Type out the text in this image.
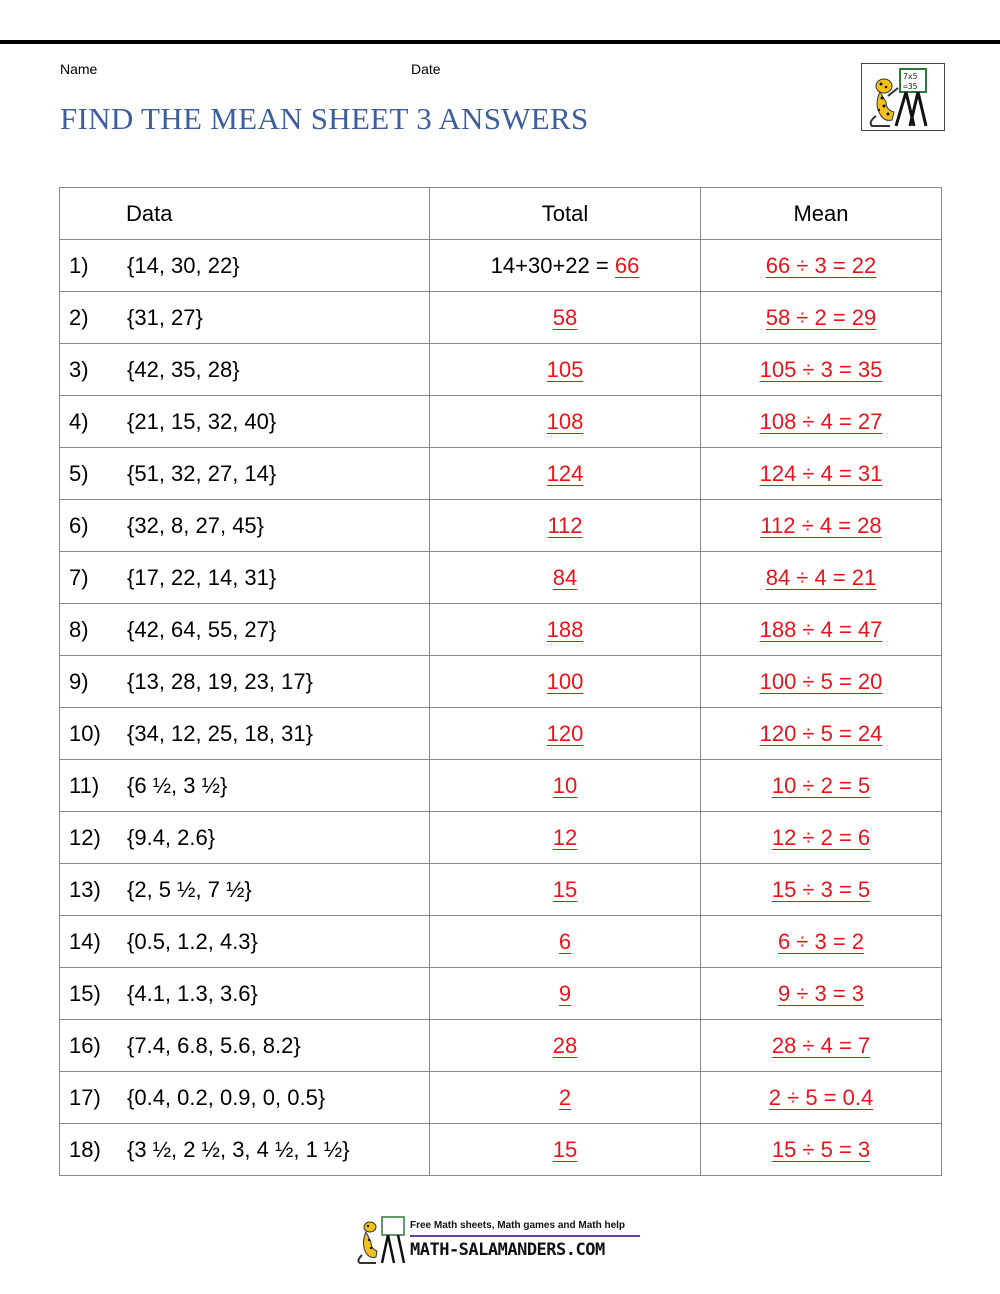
Name	Date
FIND THE MEAN SHEET 3 ANSWERS
7x5
=35
Data	Total	Mean
1) {14, 30, 22}	14+30+22 = 66	66 ÷ 3 = 22
2) {31, 27}	58	58 ÷ 2 = 29
3) {42, 35, 28}	105	105 ÷ 3 = 35
4) {21, 15, 32, 40}	108	108 ÷ 4 = 27
5) {51, 32, 27, 14}	124	124 ÷ 4 = 31
6) {32, 8, 27, 45}	112	112 ÷ 4 = 28
7) {17, 22, 14, 31}	84	84 ÷ 4 = 21
8) {42, 64, 55, 27}	188	188 ÷ 4 = 47
9) {13, 28, 19, 23, 17}	100	100 ÷ 5 = 20
10) {34, 12, 25, 18, 31}	120	120 ÷ 5 = 24
11) {6 ½, 3 ½}	10	10 ÷ 2 = 5
12) {9.4, 2.6}	12	12 ÷ 2 = 6
13) {2, 5 ½, 7 ½}	15	15 ÷ 3 = 5
14) {0.5, 1.2, 4.3}	6	6 ÷ 3 = 2
15) {4.1, 1.3, 3.6}	9	9 ÷ 3 = 3
16) {7.4, 6.8, 5.6, 8.2}	28	28 ÷ 4 = 7
17) {0.4, 0.2, 0.9, 0, 0.5}	2	2 ÷ 5 = 0.4
18) {3 ½, 2 ½, 3, 4 ½, 1 ½}	15	15 ÷ 5 = 3
Free Math sheets, Math games and Math help
MATH-SALAMANDERS.COM
